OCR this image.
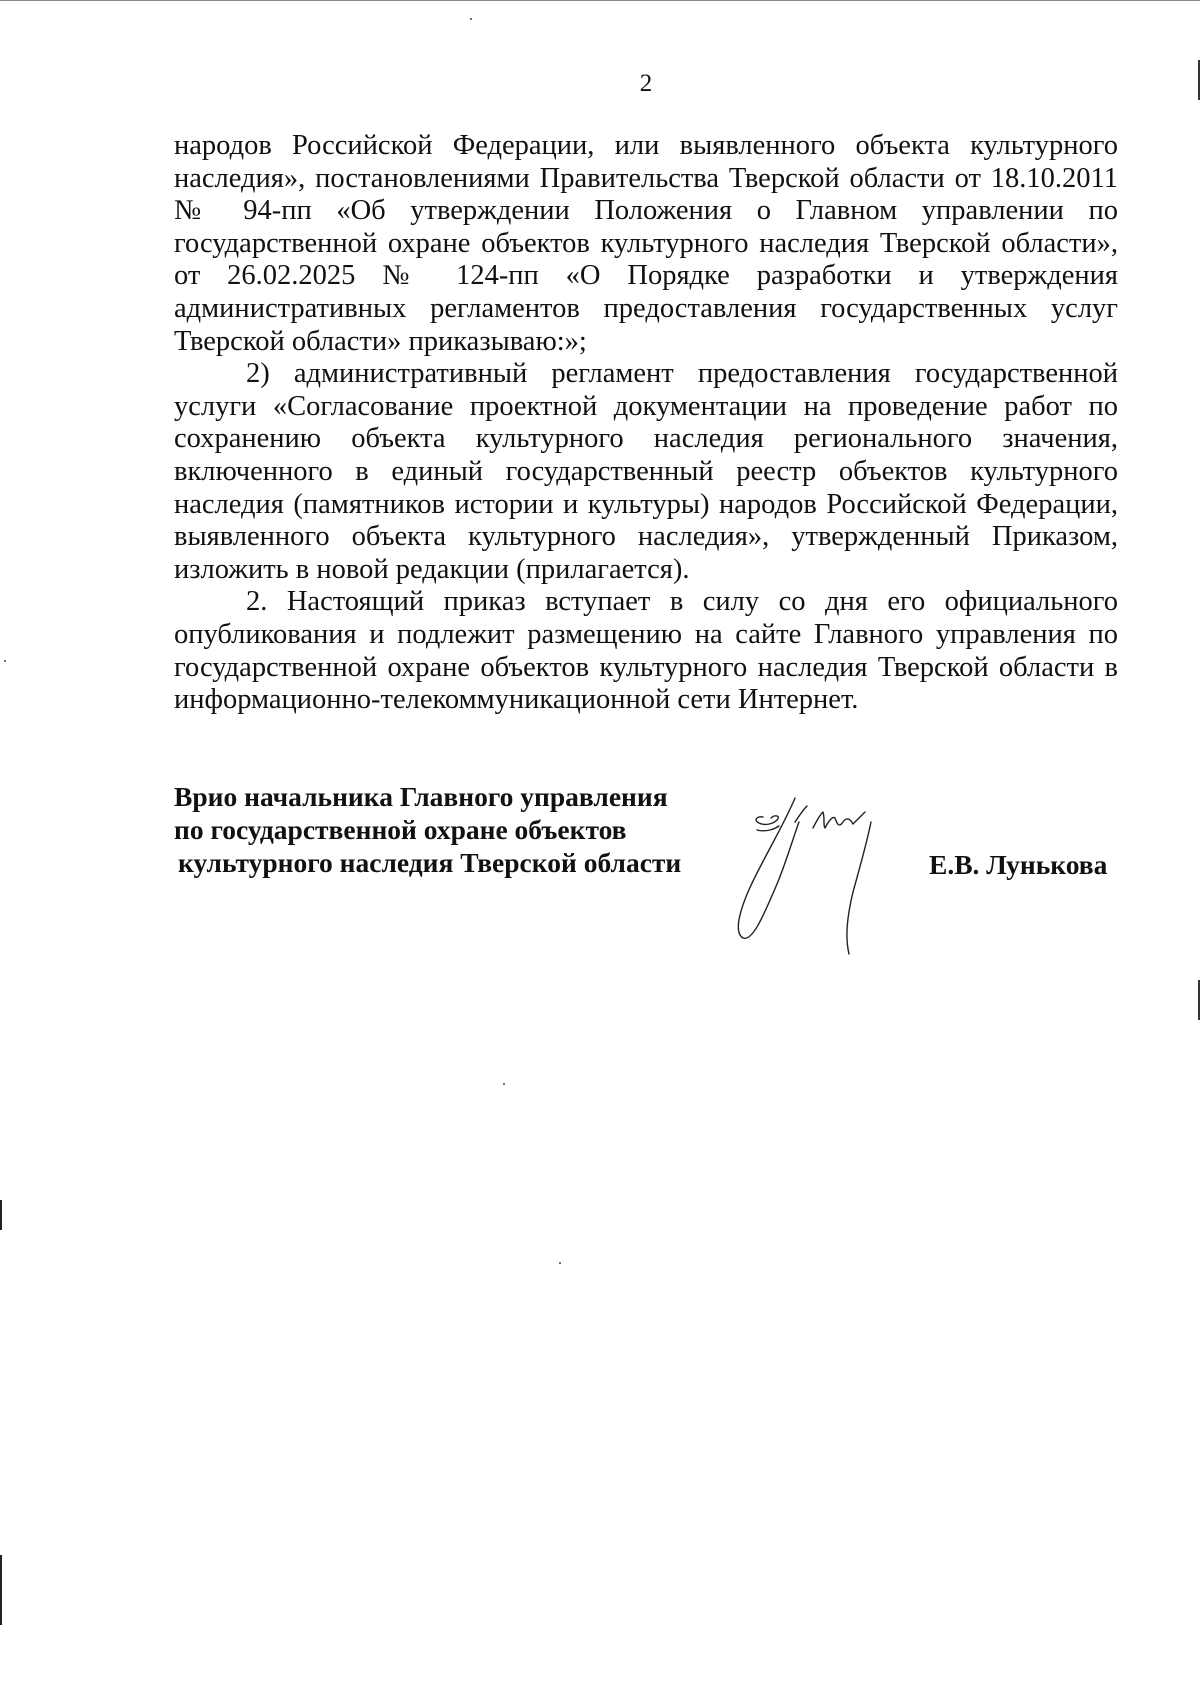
2

народов Российской Федерации, или выявленного объекта культурного наследия», постановлениями Правительства Тверской области от 18.10.2011 № 94-пп «Об утверждении Положения о Главном управлении по государственной охране объектов культурного наследия Тверской области», от 26.02.2025 № 124-пп «О Порядке разработки и утверждения административных регламентов предоставления государственных услуг Тверской области» приказываю:»;

2) административный регламент предоставления государственной услуги «Согласование проектной документации на проведение работ по сохранению объекта культурного наследия регионального значения, включенного в единый государственный реестр объектов культурного наследия (памятников истории и культуры) народов Российской Федерации, выявленного объекта культурного наследия», утвержденный Приказом, изложить в новой редакции (прилагается).

2. Настоящий приказ вступает в силу со дня его официального опубликования и подлежит размещению на сайте Главного управления по государственной охране объектов культурного наследия Тверской области в информационно-телекоммуникационной сети Интернет.

Врио начальника Главного управления
по государственной охране объектов
культурного наследия Тверской области	Е.В. Лунькова
